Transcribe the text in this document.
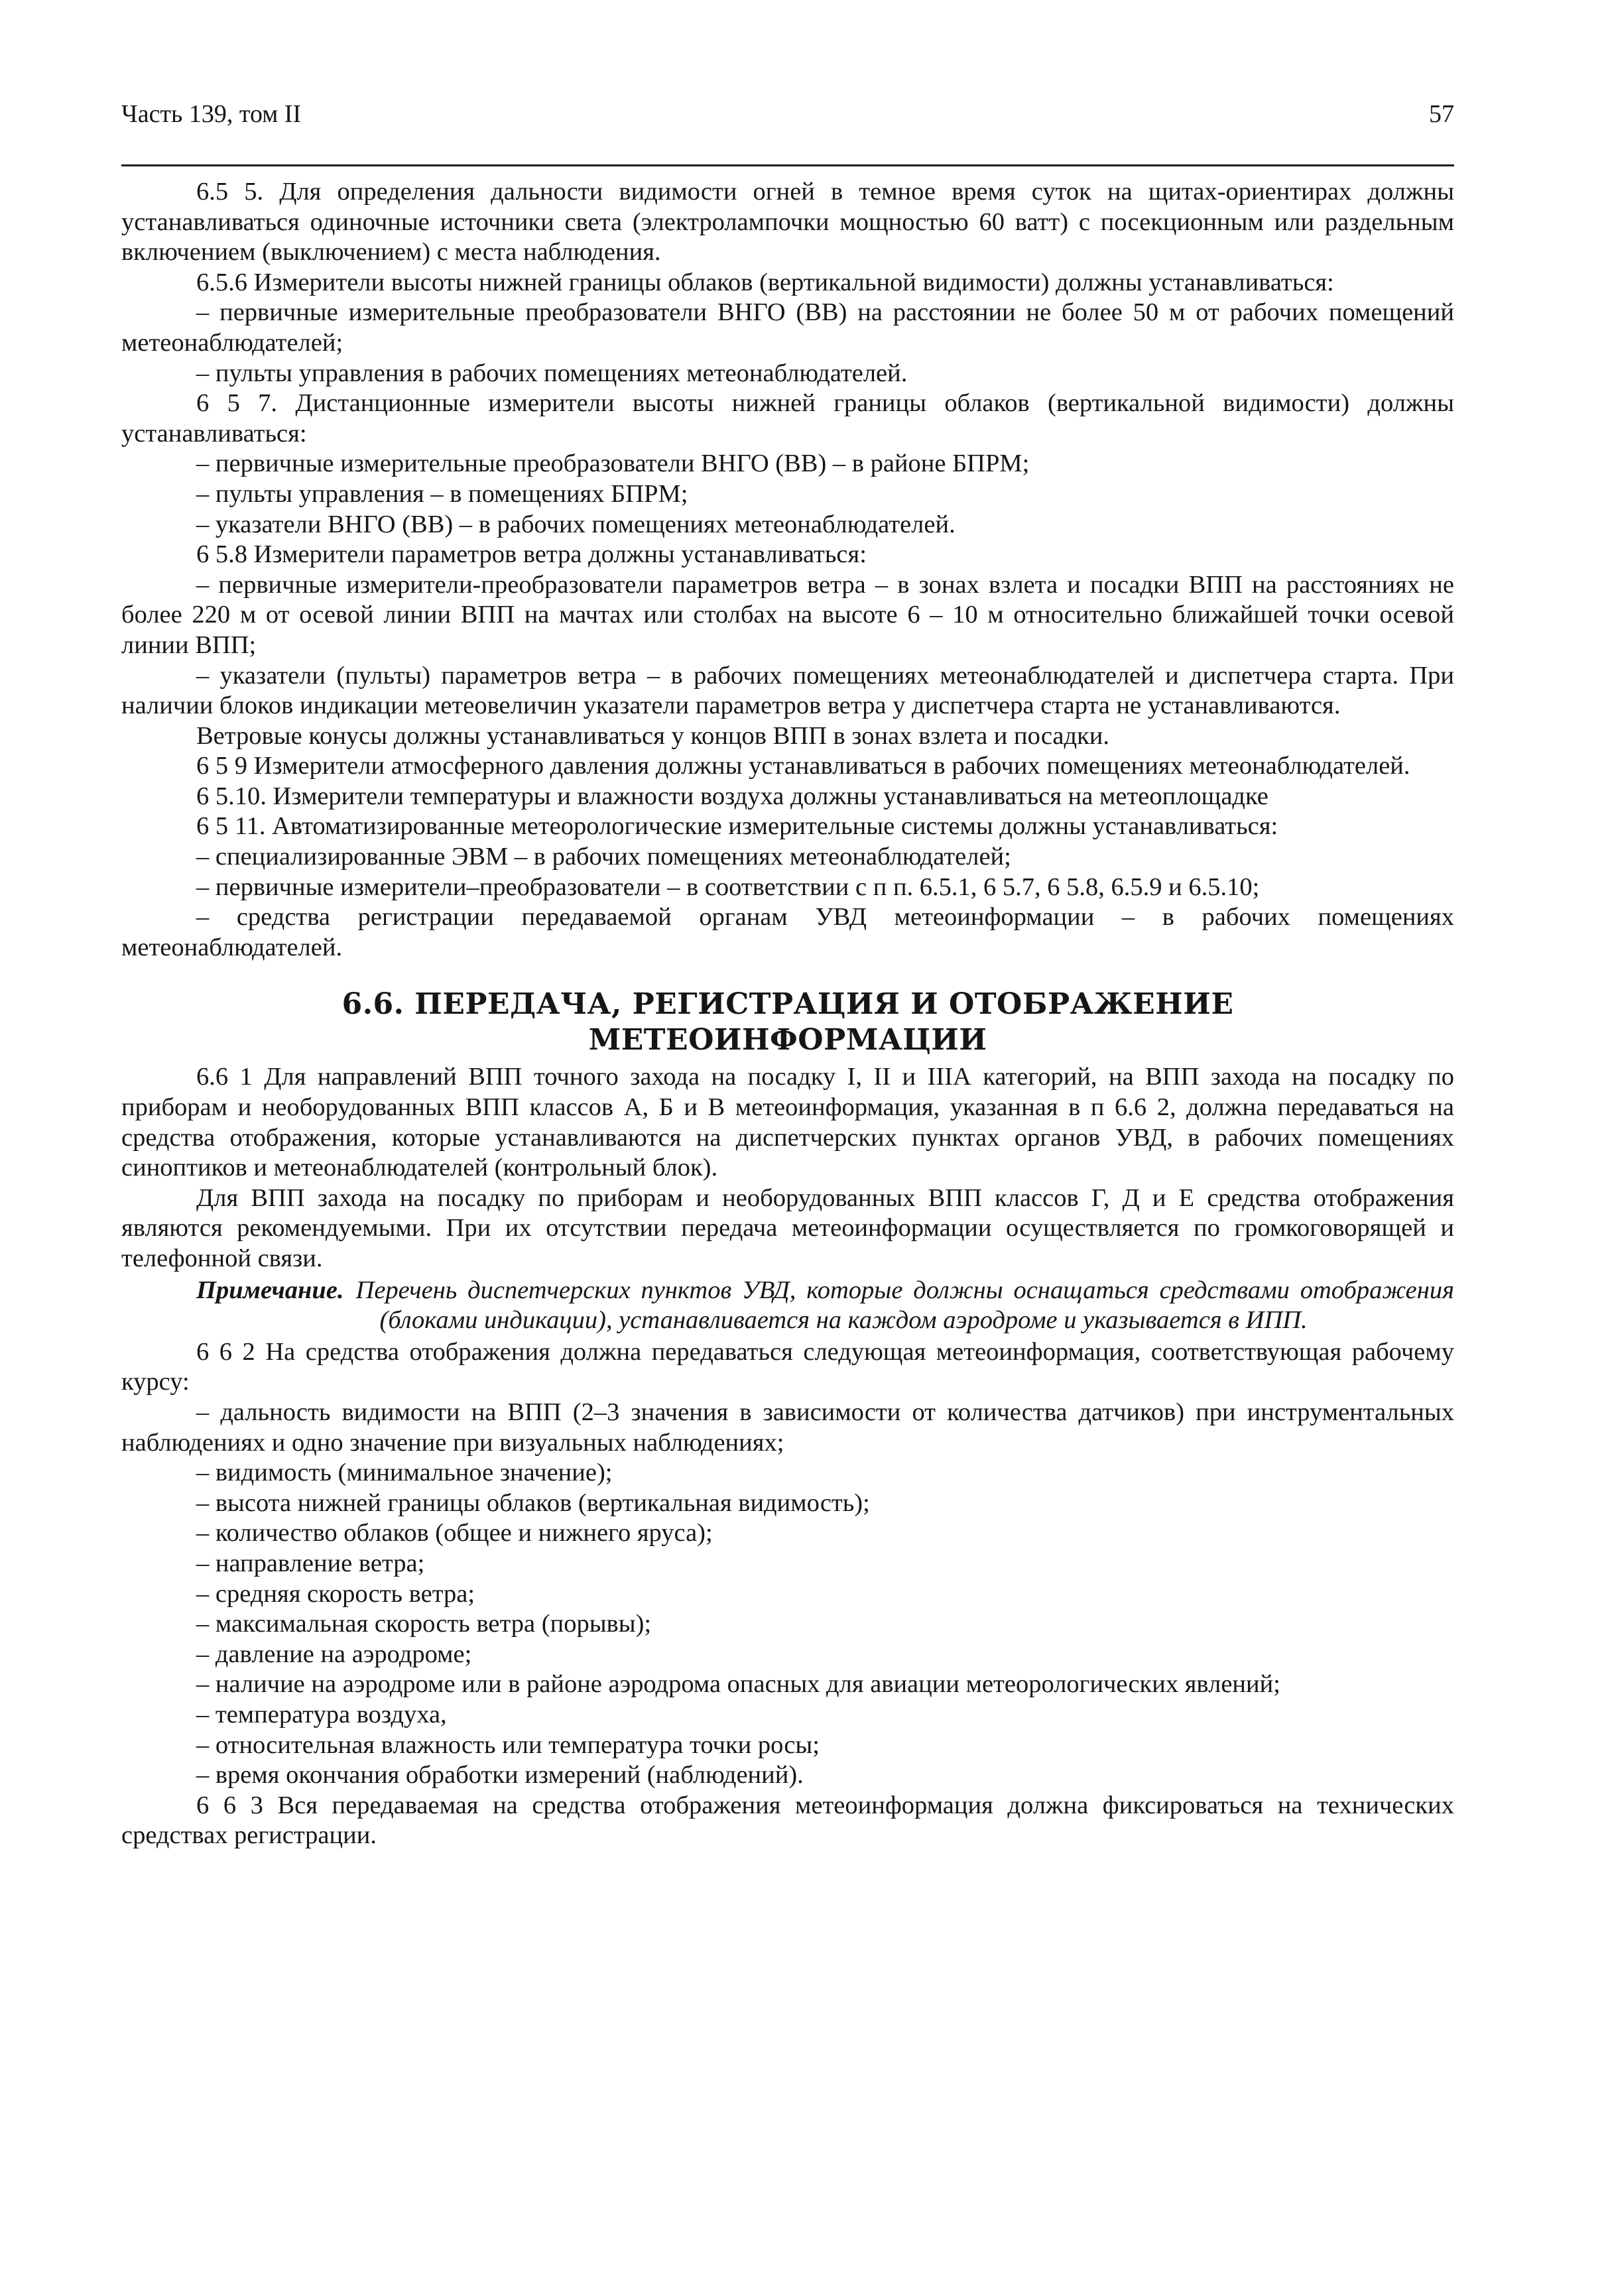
Часть 139, том II	57

6.5 5. Для определения дальности видимости огней в темное время суток на щитах-ориентирах должны устанавливаться одиночные источники света (электролампочки мощностью 60 ватт) с посекционным или раздельным включением (выключением) с места наблюдения.

6.5.6 Измерители высоты нижней границы облаков (вертикальной видимости) должны устанавливаться:

– первичные измерительные преобразователи ВНГО (ВВ) на расстоянии не более 50 м от рабочих помещений метеонаблюдателей;

– пульты управления в рабочих помещениях метеонаблюдателей.

6 5 7. Дистанционные измерители высоты нижней границы облаков (вертикальной видимости) должны устанавливаться:

– первичные измерительные преобразователи ВНГО (ВВ) – в районе БПРМ;

– пульты управления – в помещениях БПРМ;

– указатели ВНГО (ВВ) – в рабочих помещениях метеонаблюдателей.

6 5.8 Измерители параметров ветра должны устанавливаться:

– первичные измерители-преобразователи параметров ветра – в зонах взлета и посадки ВПП на расстояниях не более 220 м от осевой линии ВПП на мачтах или столбах на высоте 6 – 10 м относительно ближайшей точки осевой линии ВПП;

– указатели (пульты) параметров ветра – в рабочих помещениях метеонаблюдателей и диспетчера старта. При наличии блоков индикации метеовеличин указатели параметров ветра у диспетчера старта не устанавливаются.

Ветровые конусы должны устанавливаться у концов ВПП в зонах взлета и посадки.

6 5 9 Измерители атмосферного давления должны устанавливаться в рабочих помещениях метеонаблюдателей.

6 5.10. Измерители температуры и влажности воздуха должны устанавливаться на метеоплощадке

6 5 11. Автоматизированные метеорологические измерительные системы должны устанавливаться:

– специализированные ЭВМ – в рабочих помещениях метеонаблюдателей;

– первичные измерители–преобразователи – в соответствии с п п. 6.5.1, 6 5.7, 6 5.8, 6.5.9 и 6.5.10;

– средства регистрации передаваемой органам УВД метеоинформации – в рабочих помещениях метеонаблюдателей.

6.6. ПЕРЕДАЧА, РЕГИСТРАЦИЯ И ОТОБРАЖЕНИЕ
МЕТЕОИНФОРМАЦИИ

6.6 1 Для направлений ВПП точного захода на посадку I, II и IIIА категорий, на ВПП захода на посадку по приборам и необорудованных ВПП классов А, Б и В метеоинформация, указанная в п 6.6 2, должна передаваться на средства отображения, которые устанавливаются на диспетчерских пунктах органов УВД, в рабочих помещениях синоптиков и метеонаблюдателей (контрольный блок).

Для ВПП захода на посадку по приборам и необорудованных ВПП классов Г, Д и Е средства отображения являются рекомендуемыми. При их отсутствии передача метеоинформации осуществляется по громкоговорящей и телефонной связи.

Примечание. Перечень диспетчерских пунктов УВД, которые должны оснащаться средствами отображения (блоками индикации), устанавливается на каждом аэродроме и указывается в ИПП.

6 6 2 На средства отображения должна передаваться следующая метеоинформация, соответствующая рабочему курсу:

– дальность видимости на ВПП (2–3 значения в зависимости от количества датчиков) при инструментальных наблюдениях и одно значение при визуальных наблюдениях;

– видимость (минимальное значение);

– высота нижней границы облаков (вертикальная видимость);

– количество облаков (общее и нижнего яруса);

– направление ветра;

– средняя скорость ветра;

– максимальная скорость ветра (порывы);

– давление на аэродроме;

– наличие на аэродроме или в районе аэродрома опасных для авиации метеорологических явлений;

– температура воздуха,

– относительная влажность или температура точки росы;

– время окончания обработки измерений (наблюдений).

6 6 3 Вся передаваемая на средства отображения метеоинформация должна фиксироваться на технических средствах регистрации.
